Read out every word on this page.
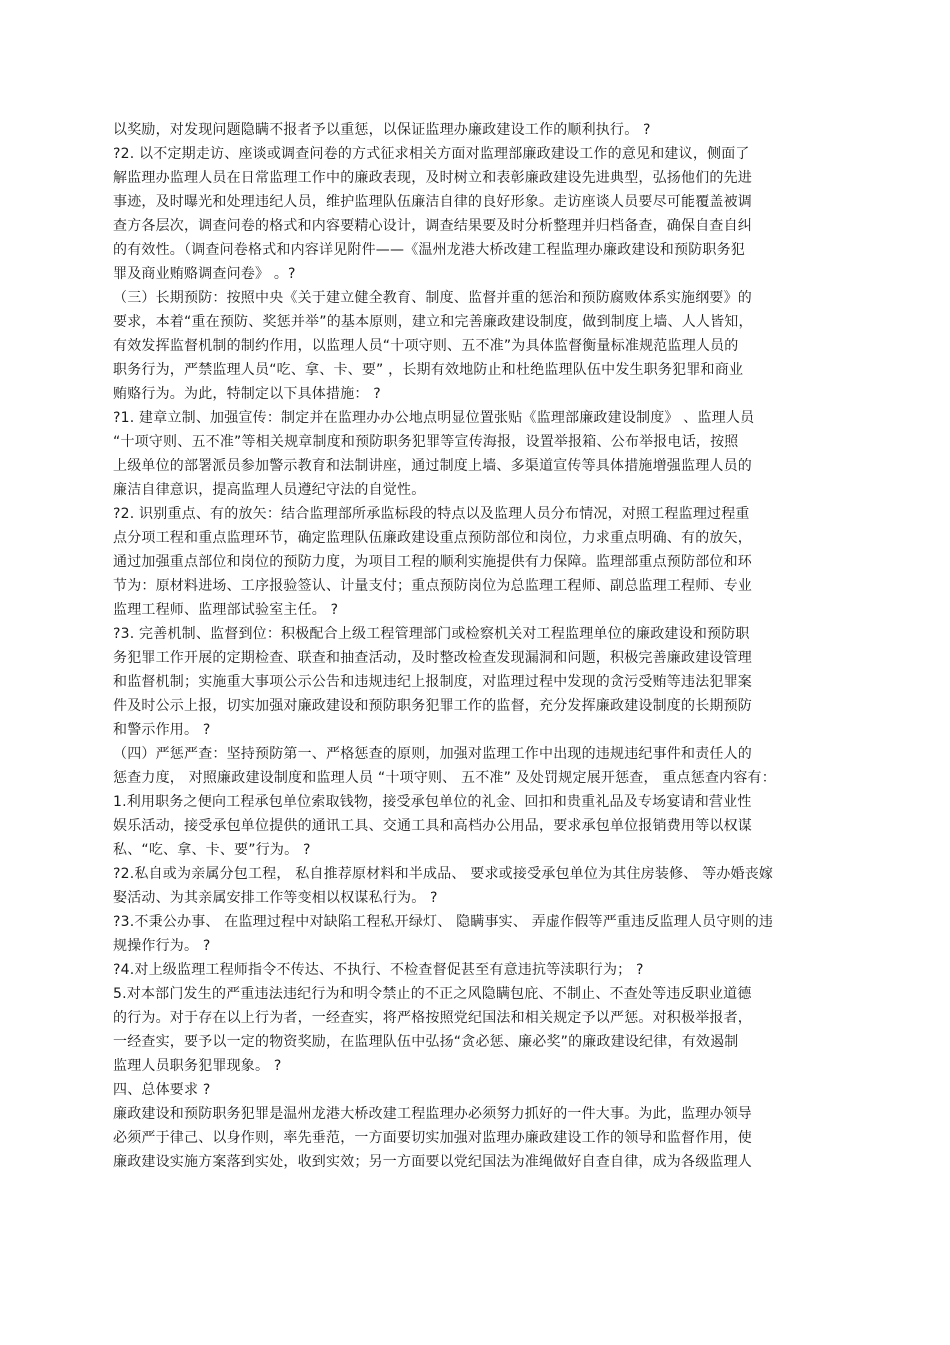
以奖励，对发现问题隐瞒不报者予以重惩，以保证监理办廉政建设工作的顺利执行。 ?
?2. 以不定期走访、座谈或调查问卷的方式征求相关方面对监理部廉政建设工作的意见和建议，侧面了
解监理办监理人员在日常监理工作中的廉政表现，及时树立和表彰廉政建设先进典型，弘扬他们的先进
事迹，及时曝光和处理违纪人员，维护监理队伍廉洁自律的良好形象。走访座谈人员要尽可能覆盖被调
查方各层次，调查问卷的格式和内容要精心设计，调查结果要及时分析整理并归档备查，确保自查自纠
的有效性。（调查问卷格式和内容详见附件——《温州龙港大桥改建工程监理办廉政建设和预防职务犯
罪及商业贿赂调查问卷》 。?
（三）长期预防：按照中央《关于建立健全教育、制度、监督并重的惩治和预防腐败体系实施纲要》的
要求，本着“重在预防、奖惩并举”的基本原则，建立和完善廉政建设制度，做到制度上墙、人人皆知，
有效发挥监督机制的制约作用，以监理人员“十项守则、五不准”为具体监督衡量标准规范监理人员的
职务行为，严禁监理人员“吃、拿、卡、要” ，长期有效地防止和杜绝监理队伍中发生职务犯罪和商业
贿赂行为。为此，特制定以下具体措施： ?
?1. 建章立制、加强宣传：制定并在监理办办公地点明显位置张贴《监理部廉政建设制度》 、监理人员
“十项守则、五不准”等相关规章制度和预防职务犯罪等宣传海报，设置举报箱、公布举报电话，按照
上级单位的部署派员参加警示教育和法制讲座，通过制度上墙、多渠道宣传等具体措施增强监理人员的
廉洁自律意识，提高监理人员遵纪守法的自觉性。
?2. 识别重点、有的放矢：结合监理部所承监标段的特点以及监理人员分布情况，对照工程监理过程重
点分项工程和重点监理环节，确定监理队伍廉政建设重点预防部位和岗位，力求重点明确、有的放矢，
通过加强重点部位和岗位的预防力度，为项目工程的顺利实施提供有力保障。监理部重点预防部位和环
节为：原材料进场、工序报验签认、计量支付；重点预防岗位为总监理工程师、副总监理工程师、专业
监理工程师、监理部试验室主任。 ?
?3. 完善机制、监督到位：积极配合上级工程管理部门或检察机关对工程监理单位的廉政建设和预防职
务犯罪工作开展的定期检查、联查和抽查活动，及时整改检查发现漏洞和问题，积极完善廉政建设管理
和监督机制；实施重大事项公示公告和违规违纪上报制度，对监理过程中发现的贪污受贿等违法犯罪案
件及时公示上报，切实加强对廉政建设和预防职务犯罪工作的监督，充分发挥廉政建设制度的长期预防
和警示作用。 ?
（四）严惩严查：坚持预防第一、严格惩查的原则，加强对监理工作中出现的违规违纪事件和责任人的
惩查力度， 对照廉政建设制度和监理人员 “十项守则、 五不准” 及处罚规定展开惩查， 重点惩查内容有：
1.利用职务之便向工程承包单位索取钱物，接受承包单位的礼金、回扣和贵重礼品及专场宴请和营业性
娱乐活动，接受承包单位提供的通讯工具、交通工具和高档办公用品，要求承包单位报销费用等以权谋
私、“吃、拿、卡、要”行为。 ?
?2.私自或为亲属分包工程， 私自推荐原材料和半成品、 要求或接受承包单位为其住房装修、 等办婚丧嫁
娶活动、为其亲属安排工作等变相以权谋私行为。 ?
?3.不秉公办事、 在监理过程中对缺陷工程私开绿灯、 隐瞒事实、 弄虚作假等严重违反监理人员守则的违
规操作行为。 ?
?4.对上级监理工程师指令不传达、不执行、不检查督促甚至有意违抗等渎职行为； ?
5.对本部门发生的严重违法违纪行为和明令禁止的不正之风隐瞒包庇、不制止、不查处等违反职业道德
的行为。对于存在以上行为者，一经查实，将严格按照党纪国法和相关规定予以严惩。对积极举报者，
一经查实，要予以一定的物资奖励，在监理队伍中弘扬“贪必惩、廉必奖”的廉政建设纪律，有效遏制
监理人员职务犯罪现象。 ?
四、总体要求 ?
廉政建设和预防职务犯罪是温州龙港大桥改建工程监理办必须努力抓好的一件大事。为此，监理办领导
必须严于律己、以身作则，率先垂范，一方面要切实加强对监理办廉政建设工作的领导和监督作用，使
廉政建设实施方案落到实处，收到实效；另一方面要以党纪国法为准绳做好自查自律，成为各级监理人
